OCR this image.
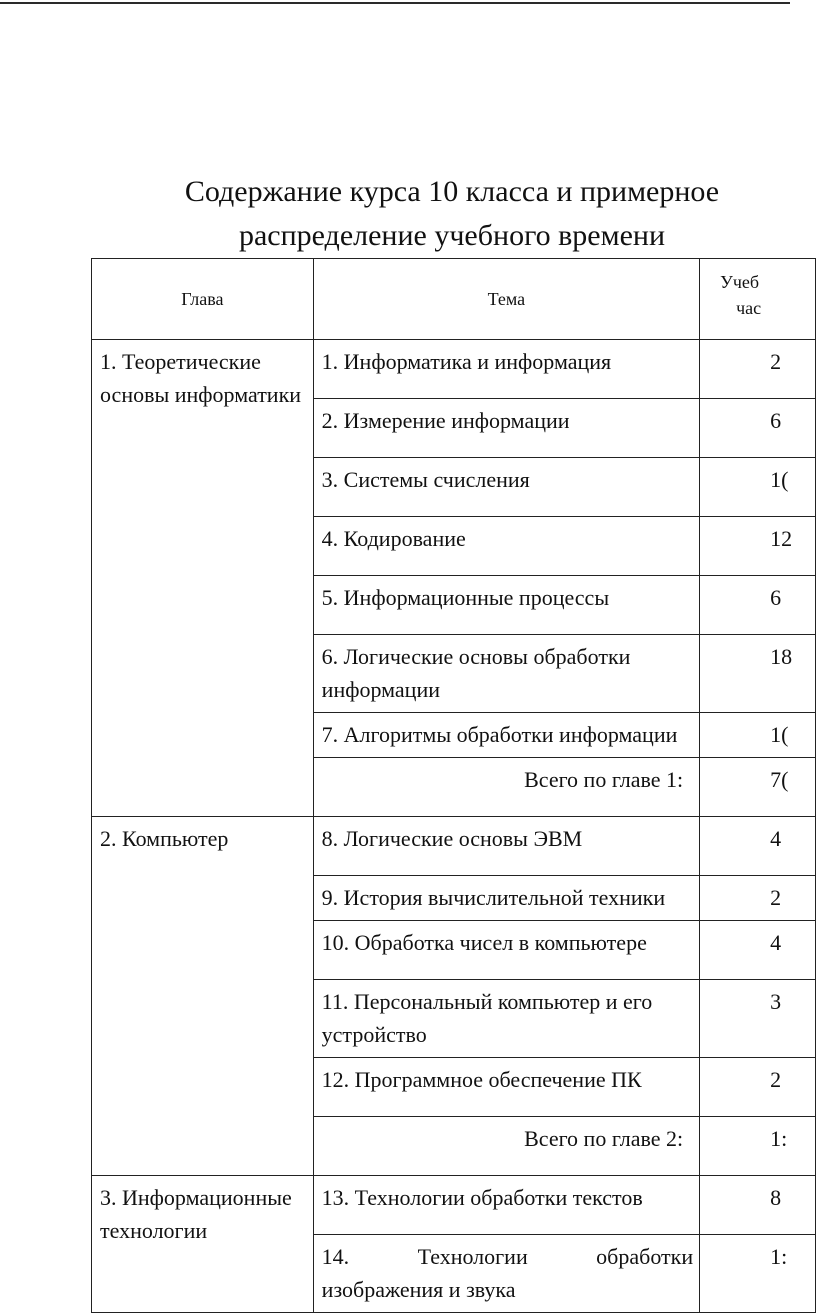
Содержание курса 10 класса и примерное
распределение учебного времени
Глава	Тема	Учеб
час

1. Теоретические основы информатики	1. Информатика и информация	2
	2. Измерение информации	6
	3. Системы счисления	1(
	4. Кодирование	12
	5. Информационные процессы	6
	6. Логические основы обработки информации	18
	7. Алгоритмы обработки информации	1(
	Всего по главе 1:	7(
2. Компьютер	8. Логические основы ЭВМ	4
	9. История вычислительной техники	2
	10. Обработка чисел в компьютере	4
	11. Персональный компьютер и его устройство	3
	12. Программное обеспечение ПК	2
	Всего по главе 2:	1:
3. Информационные технологии	13. Технологии обработки текстов	8
	14. Технологии обработки изображения и звука	1:
